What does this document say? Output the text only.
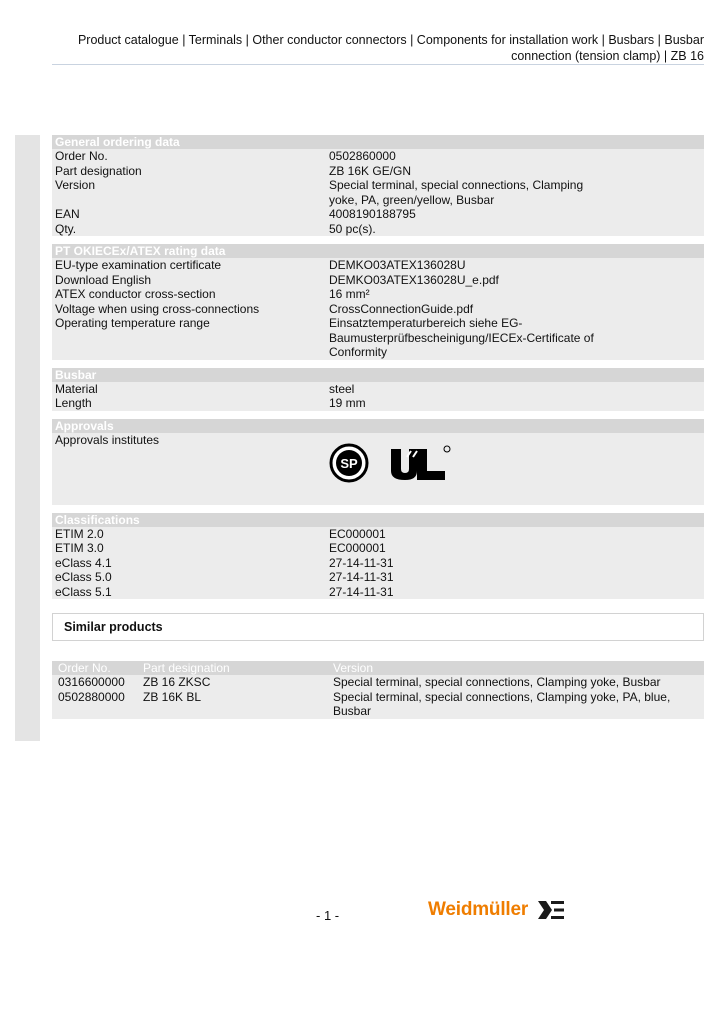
Product catalogue | Terminals | Other conductor connectors | Components for installation work | Busbars | Busbar connection (tension clamp) | ZB 16
General ordering data
Order No.	0502860000
Part designation	ZB 16K GE/GN
Version	Special terminal, special connections, Clamping yoke, PA, green/yellow, Busbar
EAN	4008190188795
Qty.	50 pc(s).
PT OKIECEx/ATEX rating data
EU-type examination certificate	DEMKO03ATEX136028U
Download English	DEMKO03ATEX136028U_e.pdf
ATEX conductor cross-section	16 mm²
Voltage when using cross-connections	CrossConnectionGuide.pdf
Operating temperature range	Einsatztemperaturbereich siehe EG-Baumusterprüfbescheinigung/IECEx-Certificate of Conformity
Busbar
Material	steel
Length	19 mm
Approvals
Approvals institutes
SP
Classifications
ETIM 2.0	EC000001
ETIM 3.0	EC000001
eClass 4.1	27-14-11-31
eClass 5.0	27-14-11-31
eClass 5.1	27-14-11-31
Similar products
Order No.	Part designation	Version
0316600000	ZB 16 ZKSC	Special terminal, special connections, Clamping yoke, Busbar
0502880000	ZB 16K BL	Special terminal, special connections, Clamping yoke, PA, blue, Busbar
- 1 -	Weidmüller
